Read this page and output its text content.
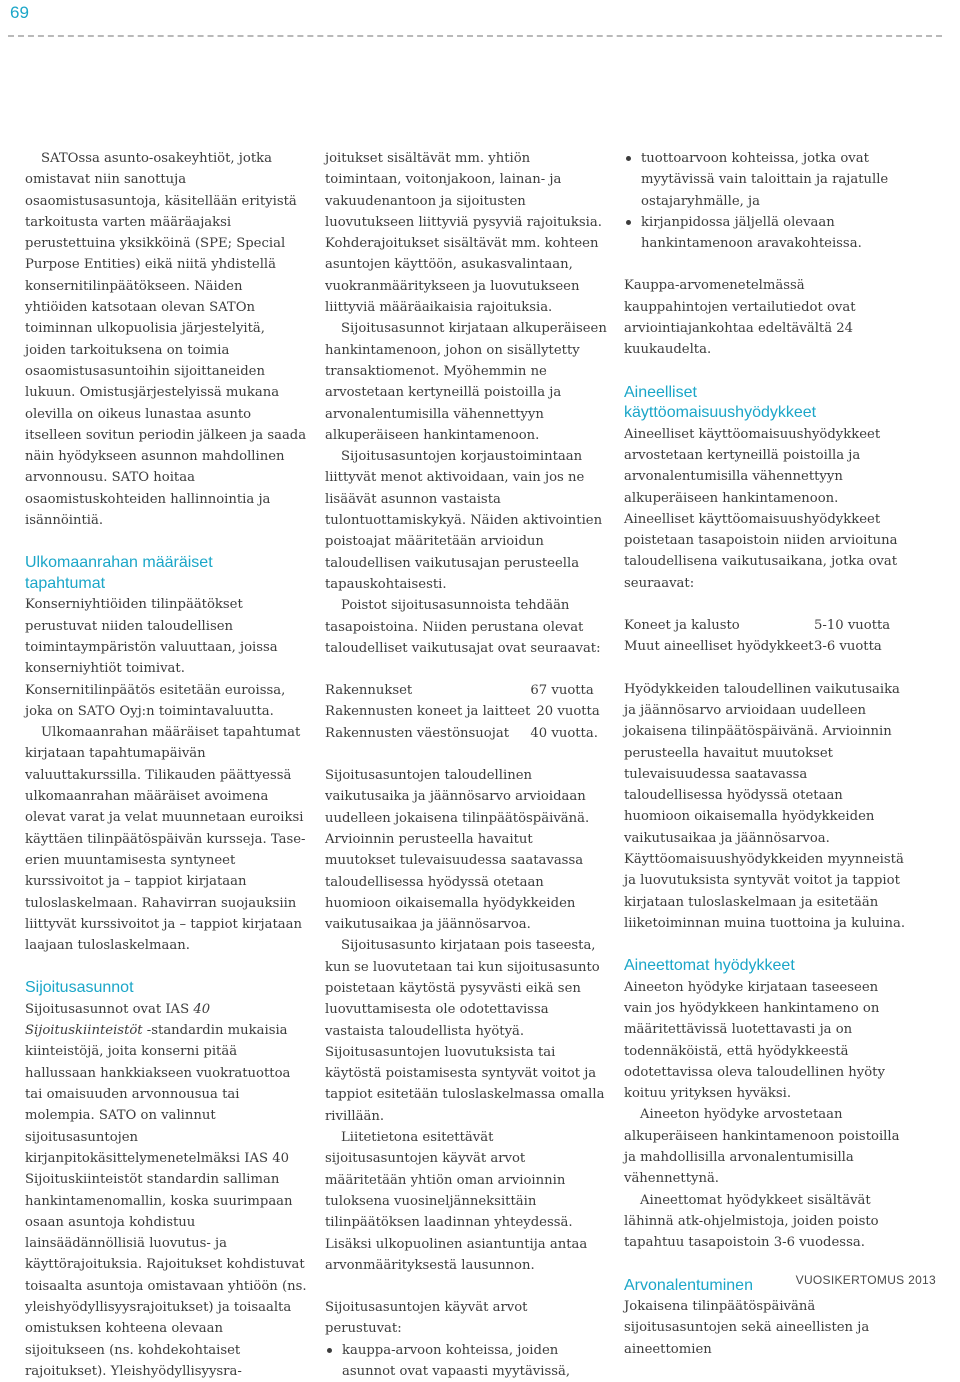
69

SATOssa asunto-osakeyhtiöt, jotka omistavat niin sanottuja osaomistusasuntoja, käsitellään erityistä tarkoitusta varten määräajaksi perustettuina yksikköinä (SPE; Special Purpose Entities) eikä niitä yhdistellä konsernitilinpäätökseen. Näiden yhtiöiden katsotaan olevan SATOn toiminnan ulkopuolisia järjestelyitä, joiden tarkoituksena on toimia osaomistusasuntoihin sijoittaneiden lukuun. Omistusjärjestelyissä mukana olevilla on oikeus lunastaa asunto itselleen sovitun periodin jälkeen ja saada näin hyödykseen asunnon mahdollinen arvonnousu. SATO hoitaa osaomistuskohteiden hallinnointia ja isännöintiä.

Ulkomaanrahan määräiset
tapahtumat

Konserniyhtiöiden tilinpäätökset perustuvat niiden taloudellisen toimintaympäristön valuuttaan, joissa konserniyhtiöt toimivat. Konsernitilinpäätös esitetään euroissa, joka on SATO Oyj:n toimintavaluutta.

Ulkomaanrahan määräiset tapahtumat kirjataan tapahtumapäivän valuuttakurssilla. Tilikauden päättyessä ulkomaanrahan määräiset avoimena olevat varat ja velat muunnetaan euroiksi käyttäen tilinpäätöspäivän kursseja. Tase-erien muuntamisesta syntyneet kurssivoitot ja – tappiot kirjataan tuloslaskelmaan. Rahavirran suojauksiin liittyvät kurssivoitot ja – tappiot kirjataan laajaan tuloslaskelmaan.

Sijoitusasunnot

Sijoitusasunnot ovat IAS 40 Sijoituskiinteistöt -standardin mukaisia kiinteistöjä, joita konserni pitää hallussaan hankkiakseen vuokratuottoa tai omaisuuden arvonnousua tai molempia. SATO on valinnut sijoitusasuntojen kirjanpitokäsittelymenetelmäksi IAS 40 Sijoituskiinteistöt standardin salliman hankintamenomallin, koska suurimpaan osaan asuntoja kohdistuu lainsäädännöllisiä luovutus- ja käyttörajoituksia. Rajoitukset kohdistuvat toisaalta asuntoja omistavaan yhtiöön (ns. yleishyödyllisyysrajoitukset) ja toisaalta omistuksen kohteena olevaan sijoitukseen (ns. kohdekohtaiset rajoitukset). Yleishyödyllisyysra-

joitukset sisältävät mm. yhtiön toimintaan, voitonjakoon, lainan- ja vakuudenantoon ja sijoitusten luovutukseen liittyviä pysyviä rajoituksia. Kohderajoitukset sisältävät mm. kohteen asuntojen käyttöön, asukasvalintaan, vuokranmääritykseen ja luovutukseen liittyviä määräaikaisia rajoituksia.

Sijoitusasunnot kirjataan alkuperäiseen hankintamenoon, johon on sisällytetty transaktiomenot. Myöhemmin ne arvostetaan kertyneillä poistoilla ja arvonalentumisilla vähennettyyn alkuperäiseen hankintamenoon.

Sijoitusasuntojen korjaustoimintaan liittyvät menot aktivoidaan, vain jos ne lisäävät asunnon vastaista tulontuottamiskykyä. Näiden aktivointien poistoajat määritetään arvioidun taloudellisen vaikutusajan perusteella tapauskohtaisesti.

Poistot sijoitusasunnoista tehdään tasapoistoina. Niiden perustana olevat taloudelliset vaikutusajat ovat seuraavat:

Rakennukset	67 vuotta
Rakennusten koneet ja laitteet	20 vuotta
Rakennusten väestönsuojat	40 vuotta.

Sijoitusasuntojen taloudellinen vaikutusaika ja jäännösarvo arvioidaan uudelleen jokaisena tilinpäätöspäivänä. Arvioinnin perusteella havaitut muutokset tulevaisuudessa saatavassa taloudellisessa hyödyssä otetaan huomioon oikaisemalla hyödykkeiden vaikutusaikaa ja jäännösarvoa.

Sijoitusasunto kirjataan pois taseesta, kun se luovutetaan tai kun sijoitusasunto poistetaan käytöstä pysyvästi eikä sen luovuttamisesta ole odotettavissa vastaista taloudellista hyötyä. Sijoitusasuntojen luovutuksista tai käytöstä poistamisesta syntyvät voitot ja tappiot esitetään tuloslaskelmassa omalla rivillään.

Liitetietona esitettävät sijoitusasuntojen käyvät arvot määritetään yhtiön oman arvioinnin tuloksena vuosineljänneksittäin tilinpäätöksen laadinnan yhteydessä. Lisäksi ulkopuolinen asiantuntija antaa arvonmäärityksestä lausunnon.

Sijoitusasuntojen käyvät arvot perustuvat:

kauppa-arvoon kohteissa, joiden asunnot ovat vapaasti myytävissä,
tuottoarvoon kohteissa, jotka ovat myytävissä vain taloittain ja rajatulle ostajaryhmälle, ja
kirjanpidossa jäljellä olevaan hankintamenoon aravakohteissa.

Kauppa-arvomenetelmässä kauppahintojen vertailutiedot ovat arviointiajankohtaa edeltävältä 24 kuukaudelta.

Aineelliset
käyttöomaisuushyödykkeet

Aineelliset käyttöomaisuushyödykkeet arvostetaan kertyneillä poistoilla ja arvonalentumisilla vähennettyyn alkuperäiseen hankintamenoon. Aineelliset käyttöomaisuushyödykkeet poistetaan tasapoistoin niiden arvioituna taloudellisena vaikutusaikana, jotka ovat seuraavat:

Koneet ja kalusto	5-10 vuotta
Muut aineelliset hyödykkeet	3-6 vuotta

Hyödykkeiden taloudellinen vaikutusaika ja jäännösarvo arvioidaan uudelleen jokaisena tilinpäätöspäivänä. Arvioinnin perusteella havaitut muutokset tulevaisuudessa saatavassa taloudellisessa hyödyssä otetaan huomioon oikaisemalla hyödykkeiden vaikutusaikaa ja jäännösarvoa. Käyttöomaisuushyödykkeiden myynneistä ja luovutuksista syntyvät voitot ja tappiot kirjataan tuloslaskelmaan ja esitetään liiketoiminnan muina tuottoina ja kuluina.

Aineettomat hyödykkeet

Aineeton hyödyke kirjataan taseeseen vain jos hyödykkeen hankintameno on määritettävissä luotettavasti ja on todennäköistä, että hyödykkeestä odotettavissa oleva taloudellinen hyöty koituu yrityksen hyväksi.

Aineeton hyödyke arvostetaan alkuperäiseen hankintamenoon poistoilla ja mahdollisilla arvonalentumisilla vähennettynä.

Aineettomat hyödykkeet sisältävät lähinnä atk-ohjelmistoja, joiden poisto tapahtuu tasapoistoin 3-6 vuodessa.

Arvonalentuminen

Jokaisena tilinpäätöspäivänä sijoitusasuntojen sekä aineellisten ja aineettomien

VUOSIKERTOMUS 2013
